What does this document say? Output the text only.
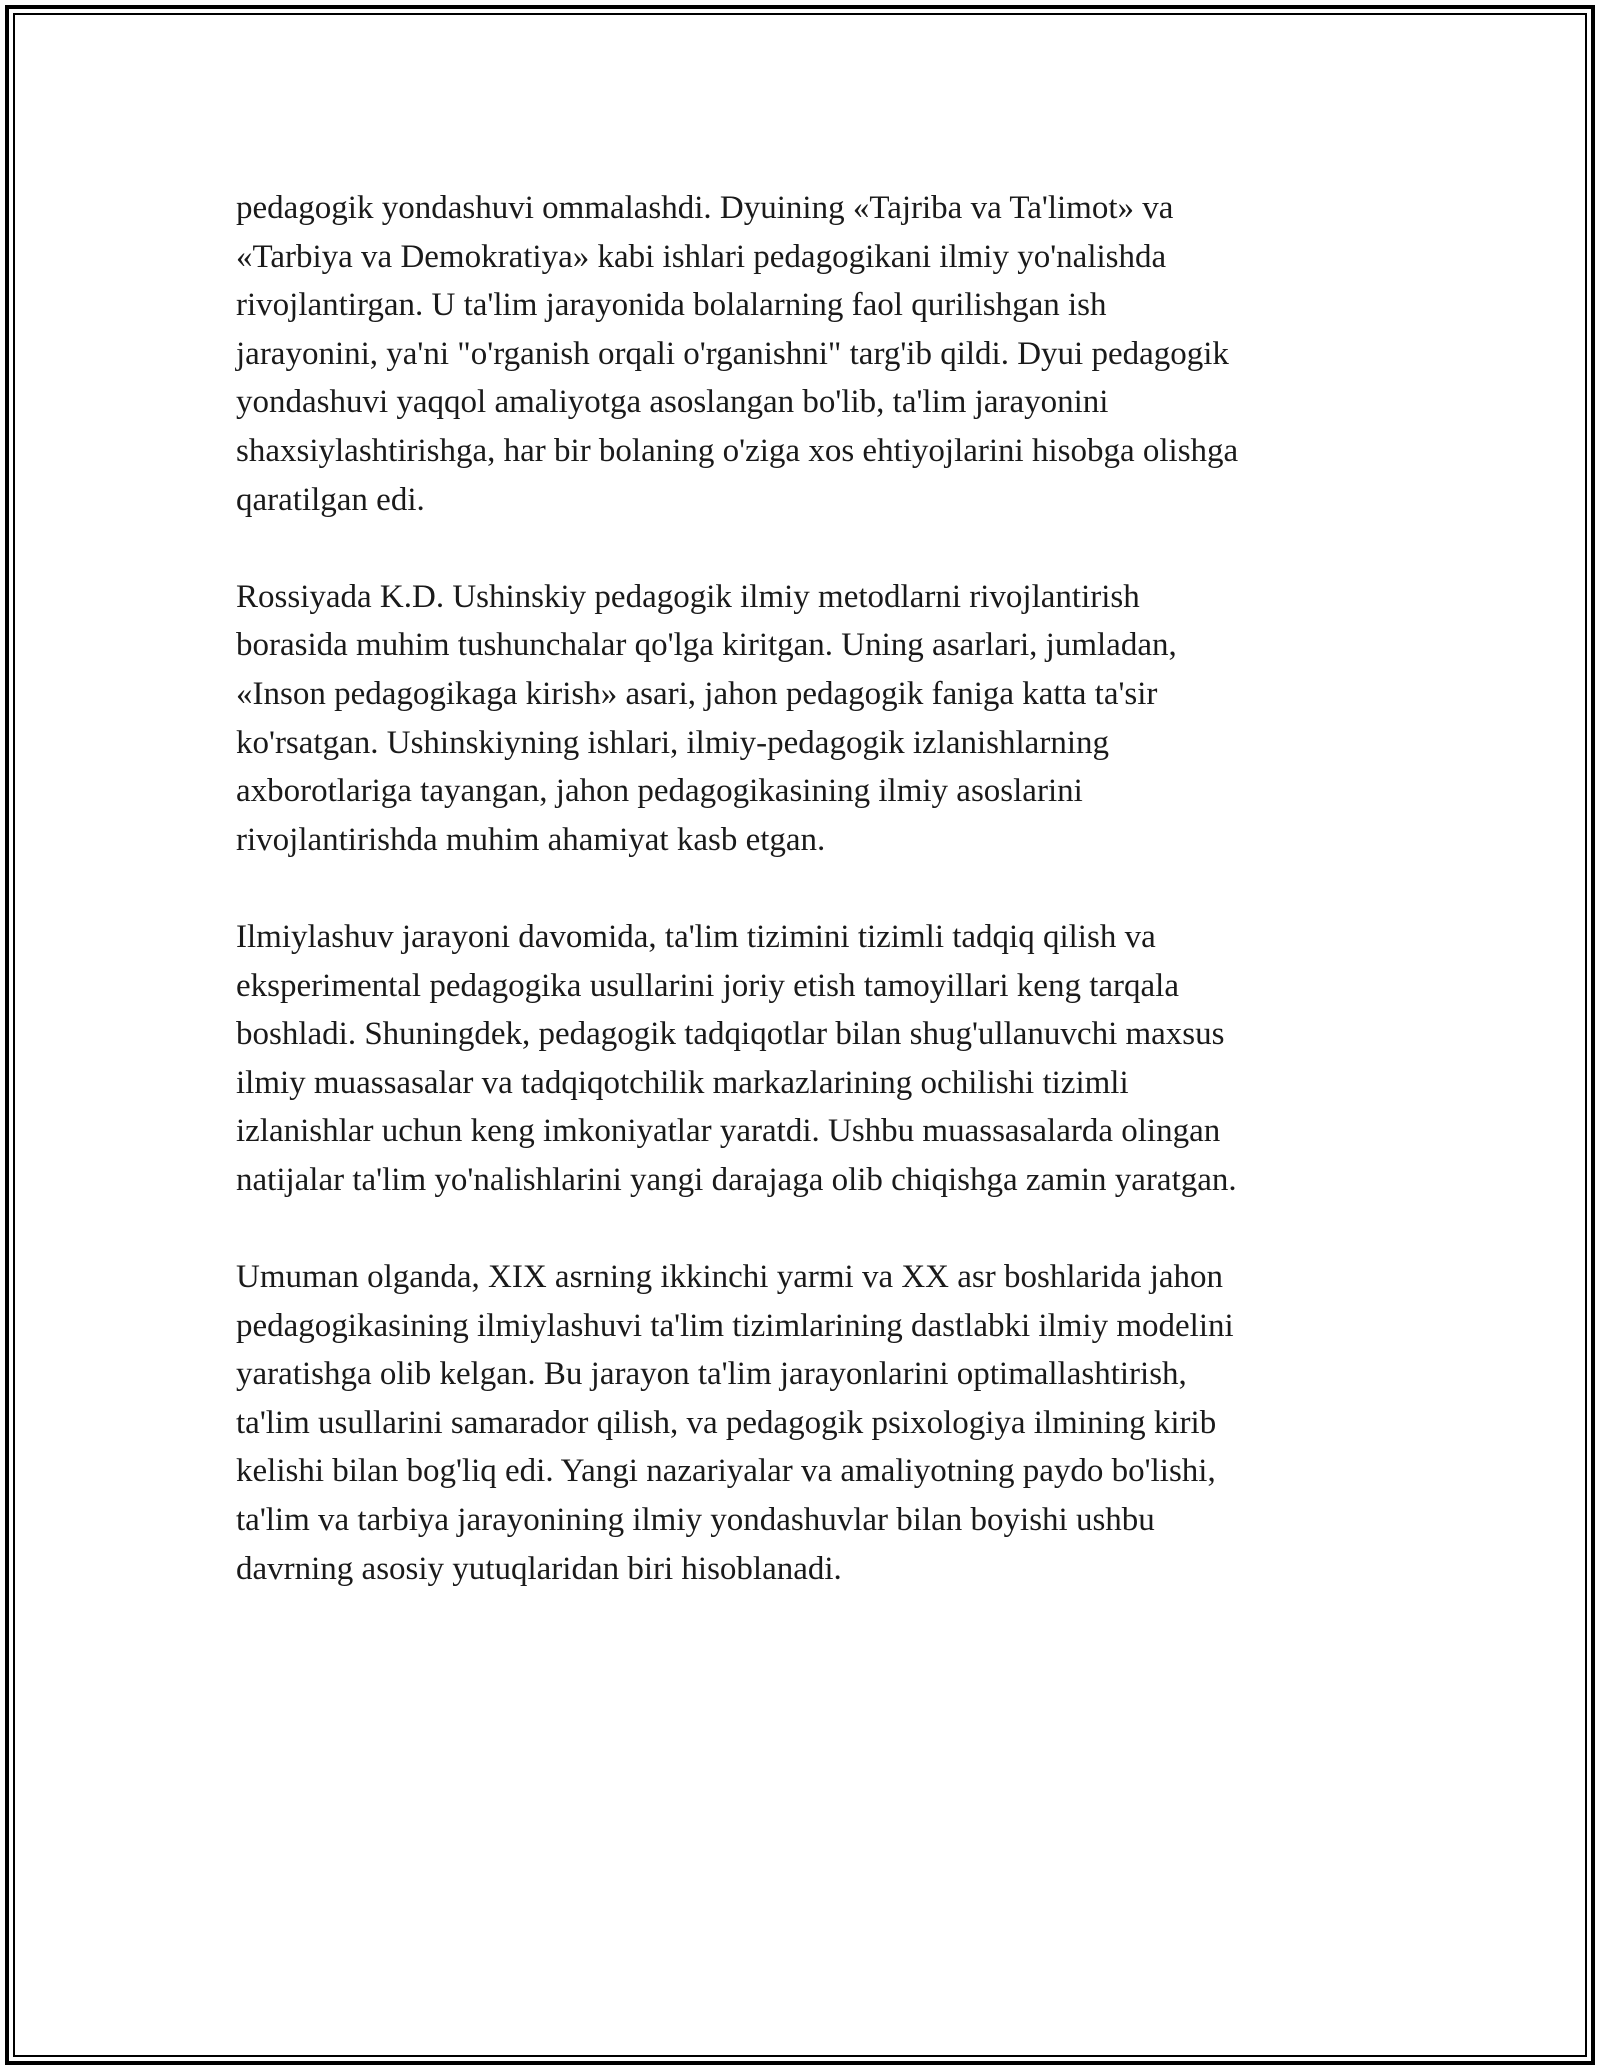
pedagogik yondashuvi ommalashdi. Dyuining «Tajriba va Ta'limot» va
«Tarbiya va Demokratiya» kabi ishlari pedagogikani ilmiy yo'nalishda
rivojlantirgan. U ta'lim jarayonida bolalarning faol qurilishgan ish
jarayonini, ya'ni "o'rganish orqali o'rganishni" targ'ib qildi. Dyui pedagogik
yondashuvi yaqqol amaliyotga asoslangan bo'lib, ta'lim jarayonini
shaxsiylashtirishga, har bir bolaning o'ziga xos ehtiyojlarini hisobga olishga
qaratilgan edi.

Rossiyada K.D. Ushinskiy pedagogik ilmiy metodlarni rivojlantirish
borasida muhim tushunchalar qo'lga kiritgan. Uning asarlari, jumladan,
«Inson pedagogikaga kirish» asari, jahon pedagogik faniga katta ta'sir
ko'rsatgan. Ushinskiyning ishlari, ilmiy-pedagogik izlanishlarning
axborotlariga tayangan, jahon pedagogikasining ilmiy asoslarini
rivojlantirishda muhim ahamiyat kasb etgan.

Ilmiylashuv jarayoni davomida, ta'lim tizimini tizimli tadqiq qilish va
eksperimental pedagogika usullarini joriy etish tamoyillari keng tarqala
boshladi. Shuningdek, pedagogik tadqiqotlar bilan shug'ullanuvchi maxsus
ilmiy muassasalar va tadqiqotchilik markazlarining ochilishi tizimli
izlanishlar uchun keng imkoniyatlar yaratdi. Ushbu muassasalarda olingan
natijalar ta'lim yo'nalishlarini yangi darajaga olib chiqishga zamin yaratgan.

Umuman olganda, XIX asrning ikkinchi yarmi va XX asr boshlarida jahon
pedagogikasining ilmiylashuvi ta'lim tizimlarining dastlabki ilmiy modelini
yaratishga olib kelgan. Bu jarayon ta'lim jarayonlarini optimallashtirish,
ta'lim usullarini samarador qilish, va pedagogik psixologiya ilmining kirib
kelishi bilan bog'liq edi. Yangi nazariyalar va amaliyotning paydo bo'lishi,
ta'lim va tarbiya jarayonining ilmiy yondashuvlar bilan boyishi ushbu
davrning asosiy yutuqlaridan biri hisoblanadi.
